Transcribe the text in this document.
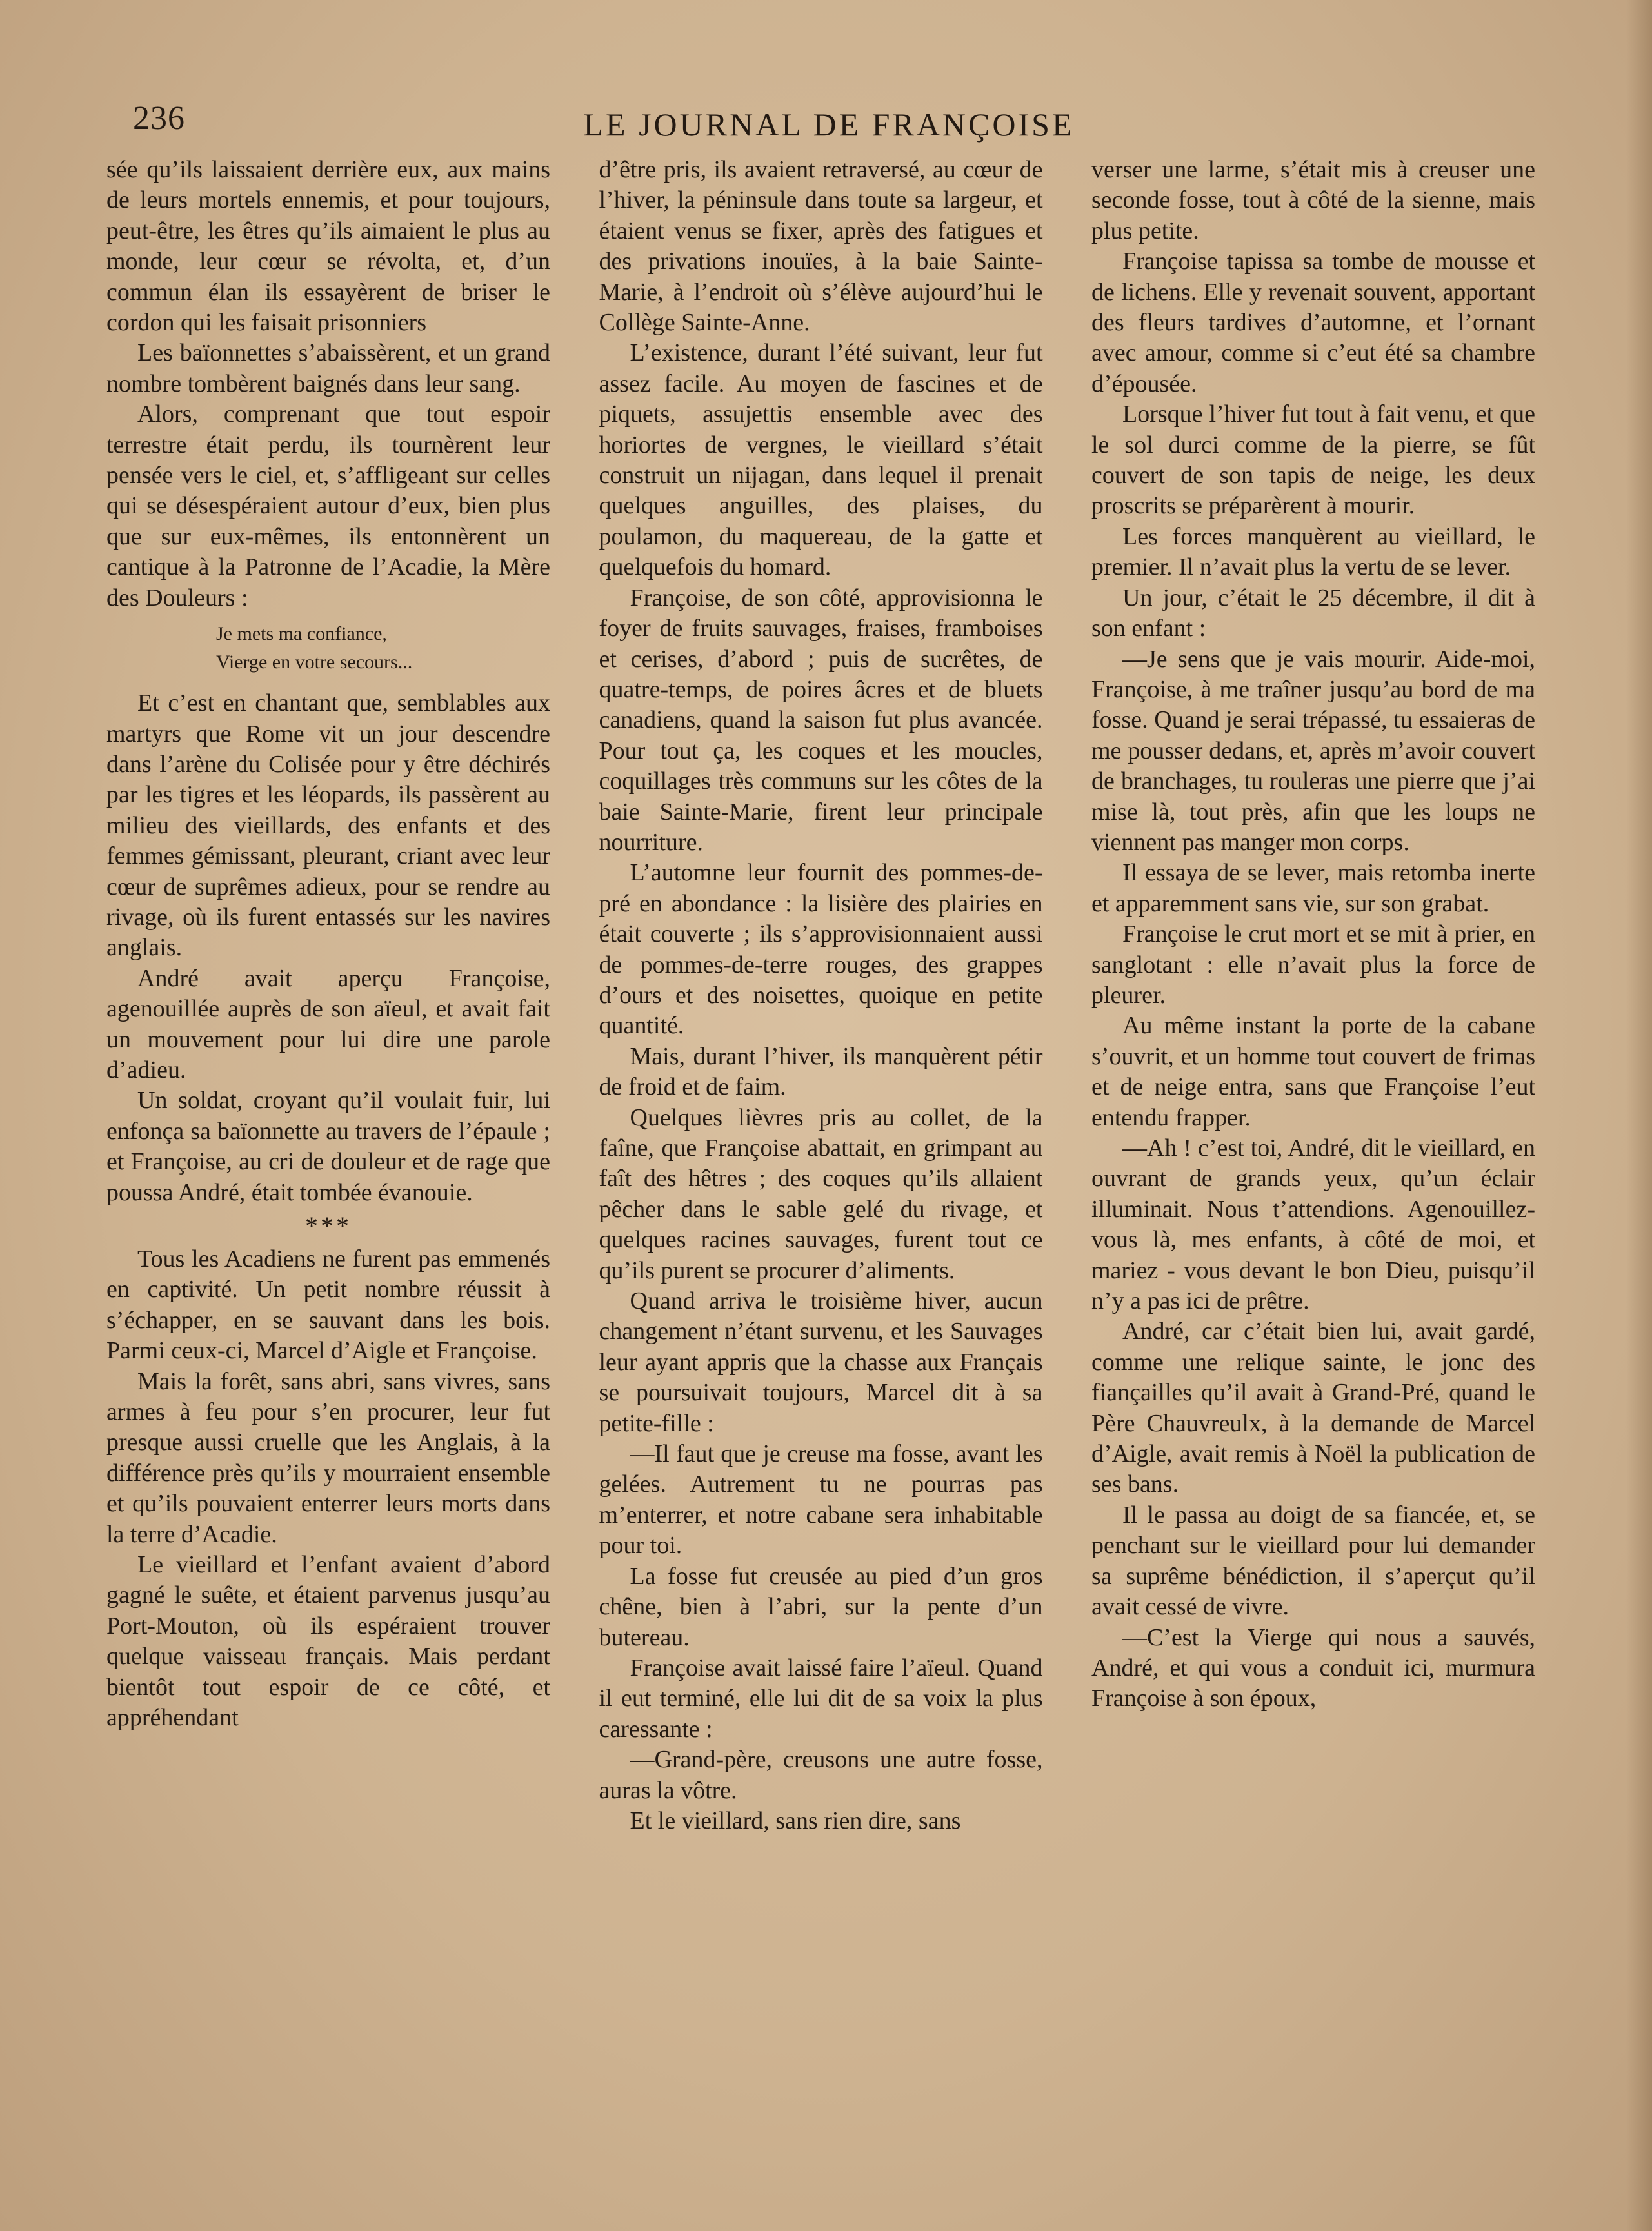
236	LE JOURNAL DE FRANÇOISE

sée qu’ils laissaient derrière eux, aux mains de leurs mortels ennemis, et pour toujours, peut-être, les êtres qu’ils aimaient le plus au monde, leur cœur se révolta, et, d’un commun élan ils essayèrent de briser le cordon qui les faisait prisonniers

Les baïonnettes s’abaissèrent, et un grand nombre tombèrent baignés dans leur sang.

Alors, comprenant que tout espoir terrestre était perdu, ils tournèrent leur pensée vers le ciel, et, s’affligeant sur celles qui se désespéraient autour d’eux, bien plus que sur eux-mêmes, ils entonnèrent un cantique à la Patronne de l’Acadie, la Mère des Douleurs :

Je mets ma confiance,
Vierge en votre secours...

Et c’est en chantant que, semblables aux martyrs que Rome vit un jour descendre dans l’arène du Colisée pour y être déchirés par les tigres et les léopards, ils passèrent au milieu des vieillards, des enfants et des femmes gémissant, pleurant, criant avec leur cœur de suprêmes adieux, pour se rendre au rivage, où ils furent entassés sur les navires anglais.

André avait aperçu Françoise, agenouillée auprès de son aïeul, et avait fait un mouvement pour lui dire une parole d’adieu.

Un soldat, croyant qu’il voulait fuir, lui enfonça sa baïonnette au travers de l’épaule ; et Françoise, au cri de douleur et de rage que poussa André, était tombée évanouie.

***

Tous les Acadiens ne furent pas emmenés en captivité. Un petit nombre réussit à s’échapper, en se sauvant dans les bois. Parmi ceux-ci, Marcel d’Aigle et Françoise.

Mais la forêt, sans abri, sans vivres, sans armes à feu pour s’en procurer, leur fut presque aussi cruelle que les Anglais, à la différence près qu’ils y mourraient ensemble et qu’ils pouvaient enterrer leurs morts dans la terre d’Acadie.

Le vieillard et l’enfant avaient d’abord gagné le suête, et étaient parvenus jusqu’au Port-Mouton, où ils espéraient trouver quelque vaisseau français. Mais perdant bientôt tout espoir de ce côté, et appréhendant

d’être pris, ils avaient retraversé, au cœur de l’hiver, la péninsule dans toute sa largeur, et étaient venus se fixer, après des fatigues et des privations inouïes, à la baie Sainte-Marie, à l’endroit où s’élève aujourd’hui le Collège Sainte-Anne.

L’existence, durant l’été suivant, leur fut assez facile. Au moyen de fascines et de piquets, assujettis ensemble avec des horiortes de vergnes, le vieillard s’était construit un nijagan, dans lequel il prenait quelques anguilles, des plaises, du poulamon, du maquereau, de la gatte et quelquefois du homard.

Françoise, de son côté, approvisionna le foyer de fruits sauvages, fraises, framboises et cerises, d’abord ; puis de sucrêtes, de quatre-temps, de poires âcres et de bluets canadiens, quand la saison fut plus avancée. Pour tout ça, les coques et les moucles, coquillages très communs sur les côtes de la baie Sainte-Marie, firent leur principale nourriture.

L’automne leur fournit des pommes-de-pré en abondance : la lisière des plairies en était couverte ; ils s’approvisionnaient aussi de pommes-de-terre rouges, des grappes d’ours et des noisettes, quoique en petite quantité.

Mais, durant l’hiver, ils manquèrent pétir de froid et de faim.

Quelques lièvres pris au collet, de la faîne, que Françoise abattait, en grimpant au faît des hêtres ; des coques qu’ils allaient pêcher dans le sable gelé du rivage, et quelques racines sauvages, furent tout ce qu’ils purent se procurer d’aliments.

Quand arriva le troisième hiver, aucun changement n’étant survenu, et les Sauvages leur ayant appris que la chasse aux Français se poursuivait toujours, Marcel dit à sa petite-fille :

—Il faut que je creuse ma fosse, avant les gelées. Autrement tu ne pourras pas m’enterrer, et notre cabane sera inhabitable pour toi.

La fosse fut creusée au pied d’un gros chêne, bien à l’abri, sur la pente d’un butereau.

Françoise avait laissé faire l’aïeul. Quand il eut terminé, elle lui dit de sa voix la plus caressante :

—Grand-père, creusons une autre fosse, auras la vôtre.

Et le vieillard, sans rien dire, sans

verser une larme, s’était mis à creuser une seconde fosse, tout à côté de la sienne, mais plus petite.

Françoise tapissa sa tombe de mousse et de lichens. Elle y revenait souvent, apportant des fleurs tardives d’automne, et l’ornant avec amour, comme si c’eut été sa chambre d’épousée.

Lorsque l’hiver fut tout à fait venu, et que le sol durci comme de la pierre, se fût couvert de son tapis de neige, les deux proscrits se préparèrent à mourir.

Les forces manquèrent au vieillard, le premier. Il n’avait plus la vertu de se lever.

Un jour, c’était le 25 décembre, il dit à son enfant :

—Je sens que je vais mourir. Aide-moi, Françoise, à me traîner jusqu’au bord de ma fosse. Quand je serai trépassé, tu essaieras de me pousser dedans, et, après m’avoir couvert de branchages, tu rouleras une pierre que j’ai mise là, tout près, afin que les loups ne viennent pas manger mon corps.

Il essaya de se lever, mais retomba inerte et apparemment sans vie, sur son grabat.

Françoise le crut mort et se mit à prier, en sanglotant : elle n’avait plus la force de pleurer.

Au même instant la porte de la cabane s’ouvrit, et un homme tout couvert de frimas et de neige entra, sans que Françoise l’eut entendu frapper.

—Ah ! c’est toi, André, dit le vieillard, en ouvrant de grands yeux, qu’un éclair illuminait. Nous t’attendions. Agenouillez-vous là, mes enfants, à côté de moi, et mariez - vous devant le bon Dieu, puisqu’il n’y a pas ici de prêtre.

André, car c’était bien lui, avait gardé, comme une relique sainte, le jonc des fiançailles qu’il avait à Grand-Pré, quand le Père Chauvreulx, à la demande de Marcel d’Aigle, avait remis à Noël la publication de ses bans.

Il le passa au doigt de sa fiancée, et, se penchant sur le vieillard pour lui demander sa suprême bénédiction, il s’aperçut qu’il avait cessé de vivre.

—C’est la Vierge qui nous a sauvés, André, et qui vous a conduit ici, murmura Françoise à son époux,
